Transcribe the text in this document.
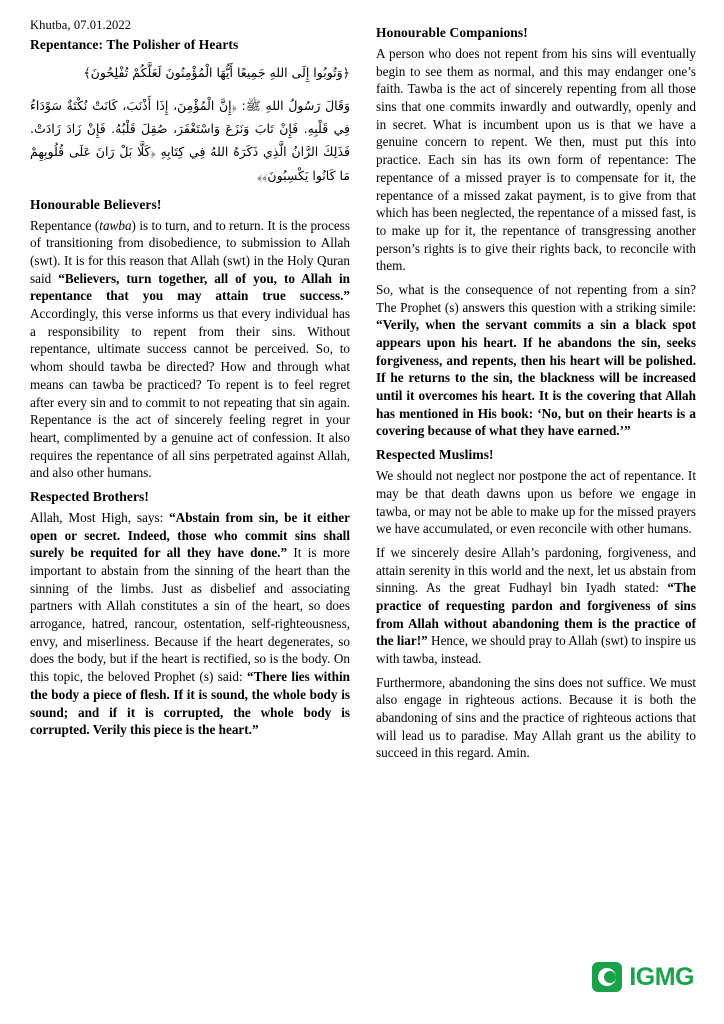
Khutba, 07.01.2022
Repentance: The Polisher of Hearts
﴿وَتُوبُوا إِلَى اللهِ جَمِيعًا أَيُّهَا الْمُؤْمِنُونَ لَعَلَّكُمْ تُفْلِحُونَ﴾
وَقَالَ رَسُولُ اللهِ ﷺ: ﴿إِنَّ الْمُؤْمِنَ، إِذَا أَذْنَبَ، كَانَتْ نُكْتَةٌ سَوْدَاءُ فِي قَلْبِهِ. فَإِنْ تَابَ وَنَزَعَ وَاسْتَغْفَرَ، صُقِلَ قَلْبُهُ. فَإِنْ زَادَ زَادَتْ. فَذَلِكَ الرَّانُ الَّذِي ذَكَرَهُ اللهُ فِي كِتَابِهِ ﴿كَلَّا بَلْ رَانَ عَلَى قُلُوبِهِمْ مَا كَانُوا يَكْسِبُونَ﴾﴾
Honourable Believers!

Repentance (tawba) is to turn, and to return. It is the process of transitioning from disobedience, to submission to Allah (swt). It is for this reason that Allah (swt) in the Holy Quran said “Believers, turn together, all of you, to Allah in repentance that you may attain true success.” Accordingly, this verse informs us that every individual has a responsibility to repent from their sins. Without repentance, ultimate success cannot be perceived. So, to whom should tawba be directed? How and through what means can tawba be practiced? To repent is to feel regret after every sin and to commit to not repeating that sin again. Repentance is the act of sincerely feeling regret in your heart, complimented by a genuine act of confession. It also requires the repentance of all sins perpetrated against Allah, and also other humans.

Respected Brothers!

Allah, Most High, says: “Abstain from sin, be it either open or secret. Indeed, those who commit sins shall surely be requited for all they have done.” It is more important to abstain from the sinning of the heart than the sinning of the limbs. Just as disbelief and associating partners with Allah constitutes a sin of the heart, so does arrogance, hatred, rancour, ostentation, self-righteousness, envy, and miserliness. Because if the heart degenerates, so does the body, but if the heart is rectified, so is the body. On this topic, the beloved Prophet (s) said: “There lies within the body a piece of flesh. If it is sound, the whole body is sound; and if it is corrupted, the whole body is corrupted. Verily this piece is the heart.”

Honourable Companions!

A person who does not repent from his sins will eventually begin to see them as normal, and this may endanger one’s faith. Tawba is the act of sincerely repenting from all those sins that one commits inwardly and outwardly, openly and in secret. What is incumbent upon us is that we have a genuine concern to repent. We then, must put this into practice. Each sin has its own form of repentance: The repentance of a missed prayer is to compensate for it, the repentance of a missed zakat payment, is to give from that which has been neglected, the repentance of a missed fast, is to make up for it, the repentance of transgressing another person’s rights is to give their rights back, to reconcile with them.

So, what is the consequence of not repenting from a sin? The Prophet (s) answers this question with a striking simile: “Verily, when the servant commits a sin a black spot appears upon his heart. If he abandons the sin, seeks forgiveness, and repents, then his heart will be polished. If he returns to the sin, the blackness will be increased until it overcomes his heart. It is the covering that Allah has mentioned in His book: ‘No, but on their hearts is a covering because of what they have earned.’”

Respected Muslims!

We should not neglect nor postpone the act of repentance. It may be that death dawns upon us before we engage in tawba, or may not be able to make up for the missed prayers we have accumulated, or even reconcile with other humans.

If we sincerely desire Allah’s pardoning, forgiveness, and attain serenity in this world and the next, let us abstain from sinning. As the great Fudhayl bin Iyadh stated: “The practice of requesting pardon and forgiveness of sins from Allah without abandoning them is the practice of the liar!” Hence, we should pray to Allah (swt) to inspire us with tawba, instead.

Furthermore, abandoning the sins does not suffice. We must also engage in righteous actions. Because it is both the abandoning of sins and the practice of righteous actions that will lead us to paradise. May Allah grant us the ability to succeed in this regard. Amin.

IGMG
